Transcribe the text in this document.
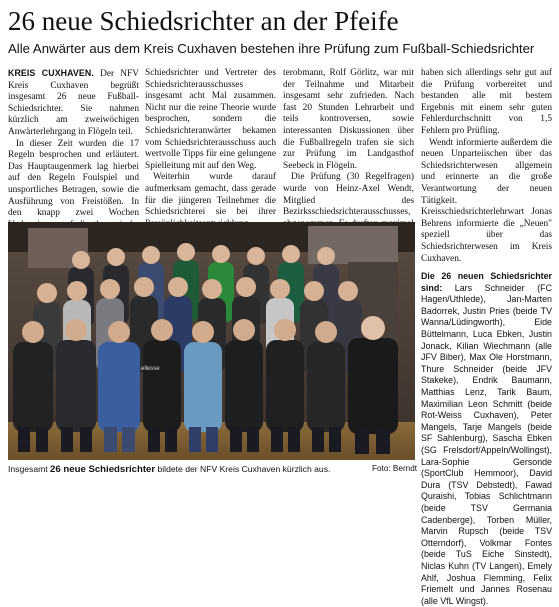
26 neue Schiedsrichter an der Pfeife
Alle Anwärter aus dem Kreis Cuxhaven bestehen ihre Prüfung zum Fußball-Schiedsrichter

KREIS CUXHAVEN. Der NFV Kreis Cuxhaven begrüßt insgesamt 26 neue Fußball-Schiedsrichter. Sie nahmen kürzlich am zweiwöchigen Anwärterlehrgang in Flögeln teil.

In dieser Zeit wurden die 17 Regeln besprochen und erläutert. Das Hauptaugenmerk lag hierbei auf den Regeln Foulspiel und unsportliches Betragen, sowie die Ausführung von Freistößen. In den knapp zwei Wochen

Schiedsrichter und Vertreter des Schiedsrichterausschusses insgesamt acht Mal zusammen. Nicht nur die reine Theorie wurde besprochen, sondern die Schiedsrichteranwärter bekamen vom Schiedsrichterausschuss auch wertvolle Tipps für eine gelungene Spielleitung mit auf den Weg.

Weiterhin wurde darauf aufmerksam gemacht, dass gerade für die jüngeren Teilnehmer die Schiedsrichterei sie bei ihrer

terobmann, Rolf Görlitz, war mit der Teilnahme und Mitarbeit insgesamt sehr zufrieden. Nach fast 20 Stunden Lehrarbeit und teils kontroversen, sowie interessanten Diskussionen über die Fußballregeln trafen sie sich zur Prüfung im Landgasthof Seebeck in Flögeln.

Die Prüfung (30 Regelfragen) wurde von Heinz-Axel Wendt, Mitglied des Bezirksschiedsrichterausschusses,

haben sich allerdings sehr gut auf die Prüfung vorbereitet und bestanden alle mit bestem Ergebnis mit einem sehr guten Fehlerdurchschnitt von 1,5 Fehlern pro Prüfling.

Wendt informierte außerdem die neuen Unparteiischen über das Schiedsrichterwesen allgemein und erinnerte an die große Verantwortung der neuen Tätigkeit. Kreisschiedsrichterlehrwart Jonas Behrens informierte die „Neuen" speziell über das Schiedsrichterwesen im Kreis Cuxhaven.

Die 26 neuen Schiedsrichter sind: Lars Schneider (FC Hagen/Uthlede), Jan-Marten Badorrek, Justin Pries (beide TV Wanna/Lüdingworth), Eide Büttelmann, Luca Ebken, Justin Jonack, Kilian Wiechmann (alle JFV Biber), Max Ole Horstmann, Thure Schneider (beide JFV Stakeke), Endrik Baumann, Matthias Lenz, Tarik Baum, Maximilian Leon Schmitt (beide Rot-Weiss Cuxhaven), Peter Mangels, Tarje Mangels (beide SF Sahlenburg), Sascha Ebken (SG Frelsdorf/Appeln/Wollingst), Lara-Sophie Gersonde (SportClub Hemmoor), David Dura (TSV Debstedt), Fawad Quraishi, Tobias Schlichtmann (beide TSV Germania Cadenberge), Torben Müller, Marvin Rupsch (beide TSV Otterndorf), Volkmar Fontes (beide TuS Eiche Sinstedt), Niclas Kuhn (TV Langen), Emely Ahlf, Joshua Flemming, Felix Friemelt und Jannes Rosenau (alle VfL Wingst).

ellesse
Insgesamt 26 neue Schiedsrichter bildete der NFV Kreis Cuxhaven kürzlich aus.	Foto: Berndt
